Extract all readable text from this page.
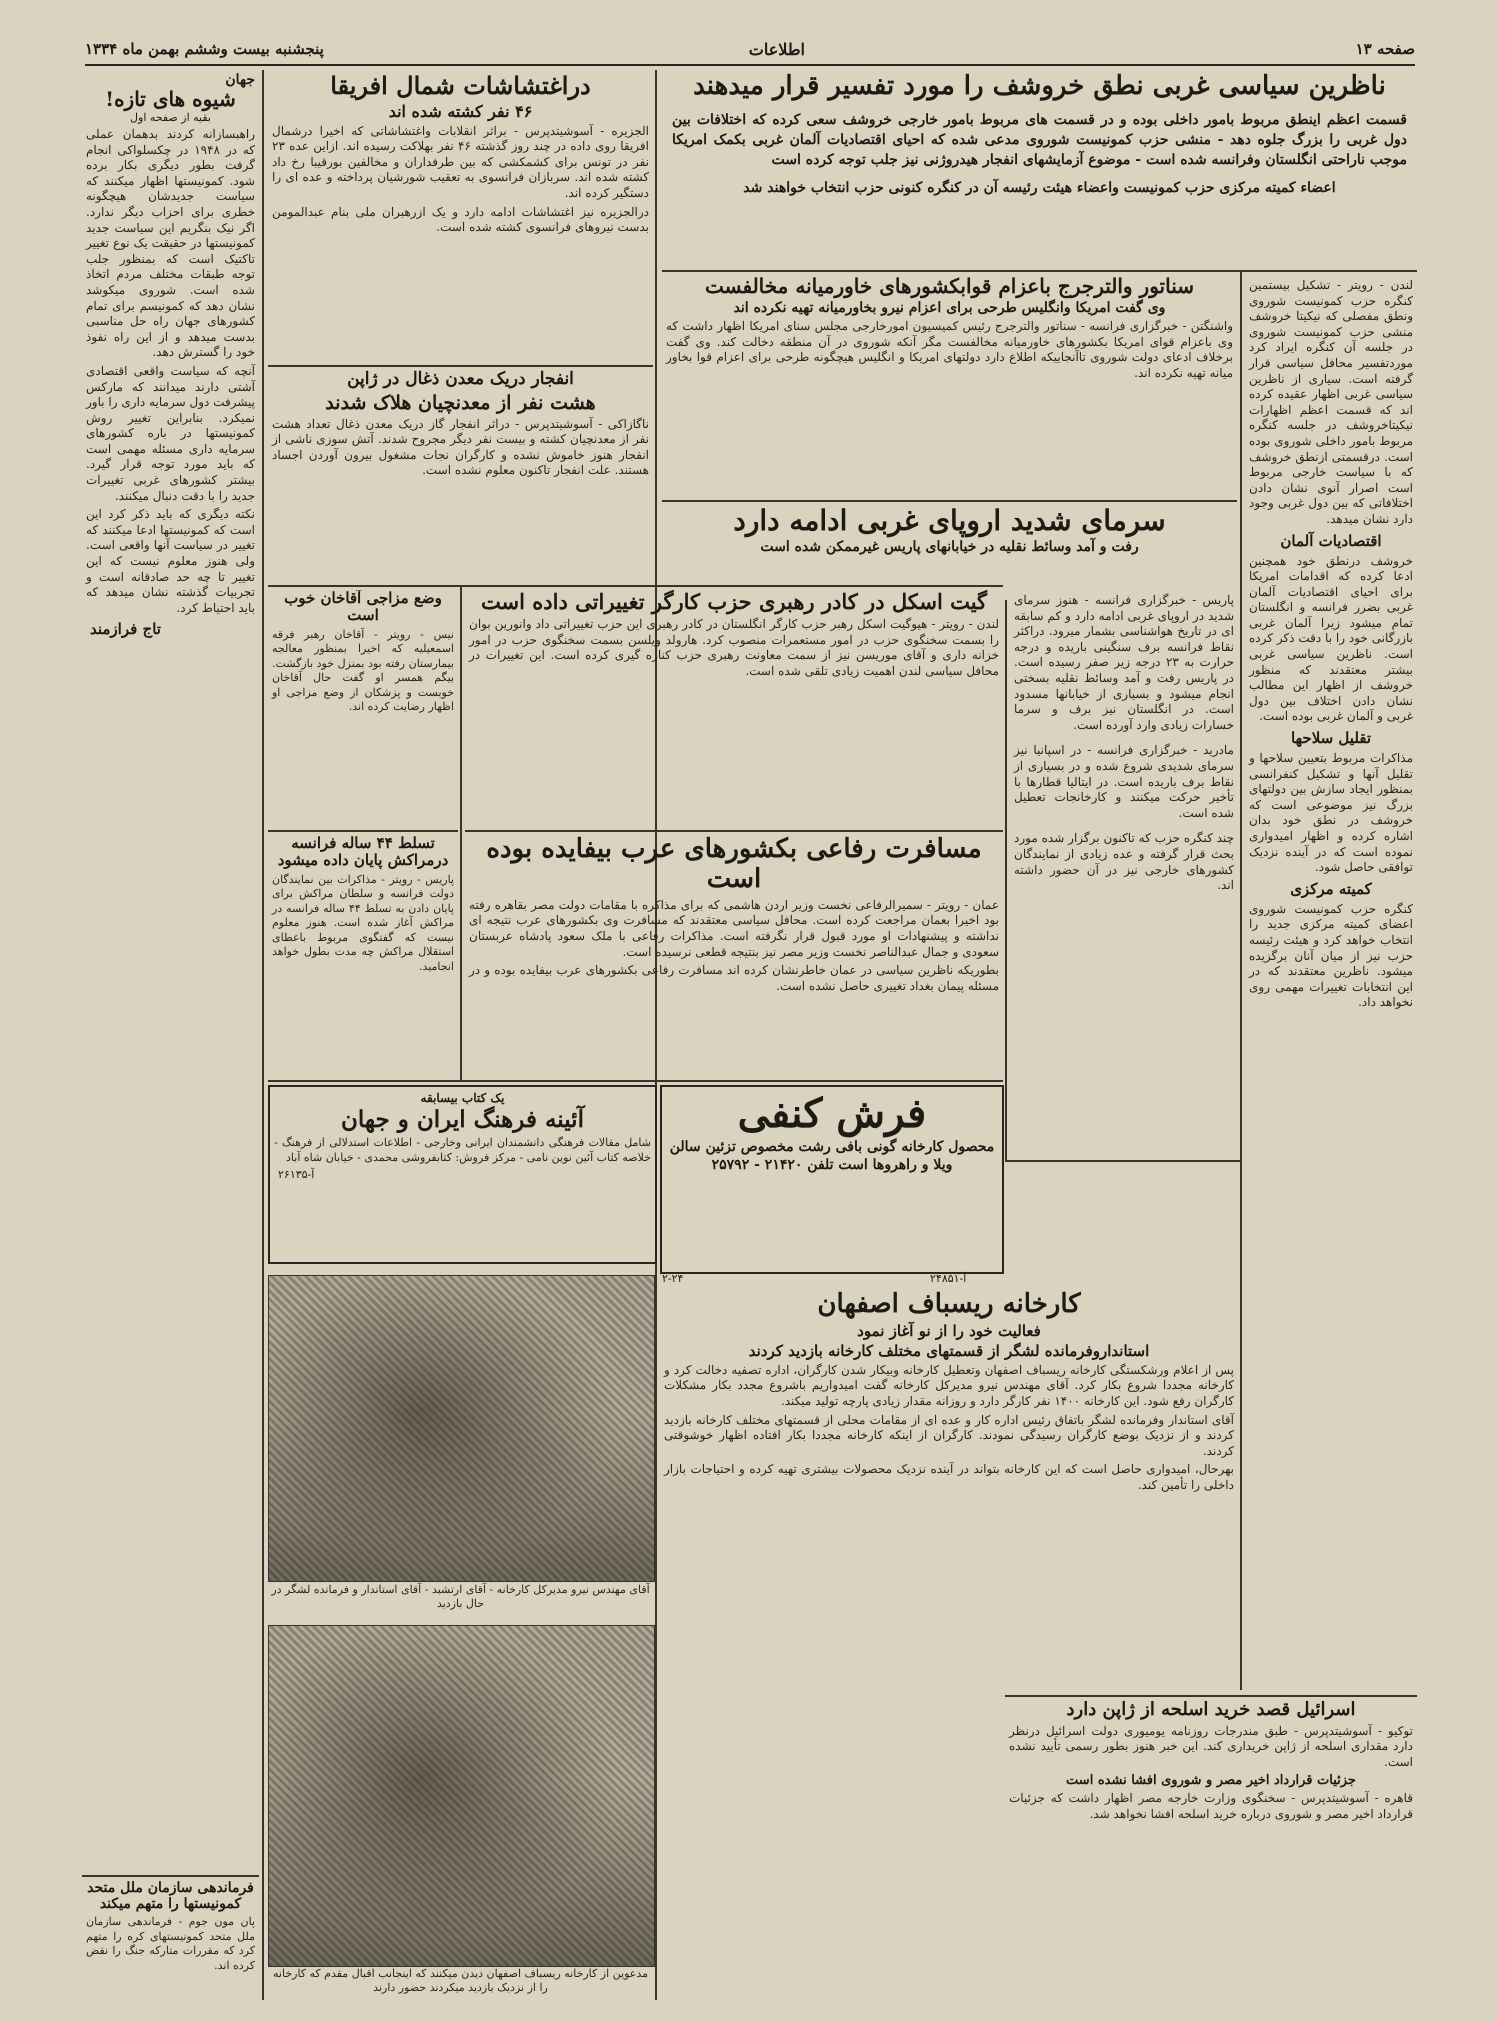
صفحه ۱۳
اطلاعات
پنجشنبه بیست وششم بهمن ماه ۱۳۳۴
ناظرین سیاسی غربی نطق خروشف را مورد تفسیر قرار میدهند
قسمت اعظم اینطق مربوط بامور داخلی بوده و در قسمت های مربوط بامور خارجی خروشف سعی کرده که اختلافات بین دول غربی را بزرگ جلوه دهد - منشی حزب کمونیست شوروی مدعی شده که احیای اقتصادیات آلمان غربی بکمک امریکا موجب ناراحتی انگلستان وفرانسه شده است - موضوع آزمایشهای انفجار هیدروژنی نیز جلب توجه کرده است
اعضاء کمیته مرکزی حزب کمونیست واعضاء هیئت رئیسه آن در کنگره کنونی حزب انتخاب خواهند شد
لندن - رویتر - تشکیل بیستمین کنگره حزب کمونیست شوروی ونطق مفصلی که نیکیتا خروشف منشی حزب کمونیست شوروی در جلسه آن کنگره ایراد کرد موردتفسیر محافل سیاسی قرار گرفته است. سیاری از ناظرین سیاسی غربی اظهار عقیده کرده اند که قسمت اعظم اظهارات نیکیتاخروشف در جلسه کنگره مربوط بامور داخلی شوروی بوده است. درقسمتی ازنطق خروشف که با سیاست خارجی مربوط است اصرار آنوی نشان دادن اختلافاتی که بین دول غربی وجود دارد نشان میدهد.
اقتصادیات آلمان
خروشف درنطق خود همچنین ادعا کرده که اقدامات امریکا برای احیای اقتصادیات آلمان غربی بضرر فرانسه و انگلستان تمام میشود زیرا آلمان غربی بازرگانی خود را با دقت ذکر کرده است. ناظرین سیاسی غربی بیشتر معتقدند که منظور خروشف از اظهار این مطالب نشان دادن اختلاف بین دول غربی و آلمان غربی بوده است.
تقلیل سلاحها
مذاکرات مربوط بتعیین سلاحها و تقلیل آنها و تشکیل کنفرانسی بمنظور ایجاد سازش بین دولتهای بزرگ نیز موضوعی است که خروشف در نطق خود بدان اشاره کرده و اظهار امیدواری نموده است که در آینده نزدیک توافقی حاصل شود.
کمیته مرکزی
کنگره حزب کمونیست شوروی اعضای کمیته مرکزی جدید را انتخاب خواهد کرد و هیئت رئیسه حزب نیز از میان آنان برگزیده میشود. ناظرین معتقدند که در این انتخابات تغییرات مهمی روی نخواهد داد.
سناتور والترجرج باعزام قوابکشورهای خاورمیانه مخالفست
وی گفت امریکا وانگلیس طرحی برای اعزام نیرو بخاورمیانه تهیه نکرده اند
واشنگتن - خبرگزاری فرانسه - سناتور والترجرج رئیس کمیسیون امورخارجی مجلس سنای امریکا اظهار داشت که وی باعزام قوای امریکا بکشورهای خاورمیانه مخالفست مگر آنکه شوروی در آن منطقه دخالت کند. وی گفت برخلاف ادعای دولت شوروی تاآنجاییکه اطلاع دارد دولتهای امریکا و انگلیس هیچگونه طرحی برای اعزام قوا بخاور میانه تهیه نکرده اند.
سرمای شدید اروپای غربی ادامه دارد
رفت و آمد وسائط نقلیه در خیابانهای پاریس غیرممکن شده است
پاریس - خبرگزاری فرانسه - هنوز سرمای شدید در اروپای غربی ادامه دارد و کم سابقه ای در تاریخ هواشناسی بشمار میرود. دراکثر نقاط فرانسه برف سنگینی باریده و درجه حرارت به ۲۳ درجه زیر صفر رسیده است. در پاریس رفت و آمد وسائط نقلیه بسختی انجام میشود و بسیاری از خیابانها مسدود است. در انگلستان نیز برف و سرما خسارات زیادی وارد آورده است.
مادرید - خبرگزاری فرانسه - در اسپانیا نیز سرمای شدیدی شروع شده و در بسیاری از نقاط برف باریده است. در ایتالیا قطارها با تأخیر حرکت میکنند و کارخانجات تعطیل شده است.
چند کنگره حزب که تاکنون برگزار شده مورد بحث قرار گرفته و عده زیادی از نمایندگان کشورهای خارجی نیز در آن حضور داشته اند.
گیت اسکل در کادر رهبری حزب کارگر تغییراتی داده است
لندن - رویتر - هیوگیت اسکل رهبر حزب کارگر انگلستان در کادر رهبری این حزب تغییراتی داد وانورین بوان را بسمت سخنگوی حزب در امور مستعمرات منصوب کرد. هارولد ویلسن بسمت سخنگوی حزب در امور خزانه داری و آقای موریسن نیز از سمت معاونت رهبری حزب کناره گیری کرده است. این تغییرات در محافل سیاسی لندن اهمیت زیادی تلقی شده است.
مسافرت رفاعی بکشورهای عرب بیفایده بوده است
عمان - رویتر - سمیرالرفاعی نخست وزیر اردن هاشمی که برای مذاکره با مقامات دولت مصر بقاهره رفته بود اخیرا بعمان مراجعت کرده است. محافل سیاسی معتقدند که مسافرت وی بکشورهای عرب نتیجه ای نداشته و پیشنهادات او مورد قبول قرار نگرفته است. مذاکرات رفاعی با ملک سعود پادشاه عربستان سعودی و جمال عبدالناصر نخست وزیر مصر نیز بنتیجه قطعی نرسیده است.
بطوریکه ناظرین سیاسی در عمان خاطرنشان کرده اند مسافرت رفاعی بکشورهای عرب بیفایده بوده و در مسئله پیمان بغداد تغییری حاصل نشده است.
دراغتشاشات شمال افریقا
۴۶ نفر کشته شده اند
الجزیره - آسوشیتدپرس - براثر انقلابات واغتشاشاتی که اخیرا درشمال افریقا روی داده در چند روز گذشته ۴۶ نفر بهلاکت رسیده اند. ازاین عده ۲۳ نفر در تونس برای کشمکشی که بین طرفداران و مخالفین بورقیبا رخ داد کشته شده اند. سربازان فرانسوی به تعقیب شورشیان پرداخته و عده ای را دستگیر کرده اند.
درالجزیره نیز اغتشاشات ادامه دارد و یک ازرهبران ملی بنام عبدالمومن بدست نیروهای فرانسوی کشته شده است.
انفجار دریک معدن ذغال در ژاپن
هشت نفر از معدنچیان هلاک شدند
ناگازاکی - آسوشیتدپرس - دراثر انفجار گاز دریک معدن ذغال تعداد هشت نفر از معدنچیان کشته و بیست نفر دیگر مجروح شدند. آتش سوزی ناشی از انفجار هنوز خاموش نشده و کارگران نجات مشغول بیرون آوردن اجساد هستند. علت انفجار تاکنون معلوم نشده است.
وضع مزاجی آقاخان خوب است
نیس - رویتر - آقاخان رهبر فرقه اسمعیلیه که اخیرا بمنظور معالجه بیمارستان رفته بود بمنزل خود بازگشت. بیگم همسر او گفت حال آقاخان خوبست و پزشکان از وضع مزاجی او اظهار رضایت کرده اند.
تسلط ۴۴ ساله فرانسه درمراکش پایان داده میشود
پاریس - رویتر - مذاکرات بین نمایندگان دولت فرانسه و سلطان مراکش برای پایان دادن به تسلط ۴۴ ساله فرانسه در مراکش آغاز شده است. هنوز معلوم نیست که گفتگوی مربوط باعطای استقلال مراکش چه مدت بطول خواهد انجامید.
یک کتاب بیسابقه
آئینه فرهنگ ایران و جهان
شامل مقالات فرهنگی دانشمندان ایرانی وخارجی - اطلاعات استدلالی از فرهنگ - خلاصه کتاب آئین نوین نامی - مرکز فروش: کتابفروشی محمدی - خیابان شاه آباد
آ-۲۶۱۳۵
فرش کنفی
محصول کارخانه گونی بافی رشت مخصوص تزئین سالن
ویلا و راهروها است تلفن ۲۱۴۲۰ - ۲۵۷۹۲
۲-۲۴	آ-۲۴۸۵۱
آقای مهندس نیرو مدیرکل کارخانه - آقای ارتشبد - آقای استاندار و فرمانده لشگر در حال بازدید
مدعوین از کارخانه ریسباف اصفهان دیدن میکنند که اینجانب اقبال مقدم که کارخانه را از نزدیک بازدید میکردند حضور دارند
کارخانه ریسباف اصفهان
فعالیت خود را از نو آغاز نمود
استانداروفرمانده لشگر از قسمتهای مختلف کارخانه بازدید کردند
پس از اعلام ورشکستگی کارخانه ریسباف اصفهان وتعطیل کارخانه وبیکار شدن کارگران، اداره تصفیه دخالت کرد و کارخانه مجددا شروع بکار کرد. آقای مهندس نیرو مدیرکل کارخانه گفت امیدواریم باشروع مجدد بکار مشکلات کارگران رفع شود. این کارخانه ۱۴۰۰ نفر کارگر دارد و روزانه مقدار زیادی پارچه تولید میکند.
آقای استاندار وفرمانده لشگر باتفاق رئیس اداره کار و عده ای از مقامات محلی از قسمتهای مختلف کارخانه بازدید کردند و از نزدیک بوضع کارگران رسیدگی نمودند. کارگران از اینکه کارخانه مجددا بکار افتاده اظهار خوشوقتی کردند.
بهرحال، امیدواری حاصل است که این کارخانه بتواند در آینده نزدیک محصولات بیشتری تهیه کرده و احتیاجات بازار داخلی را تأمین کند.
اسرائیل قصد خرید اسلحه از ژاپن دارد
توکیو - آسوشیتدپرس - طبق مندرجات روزنامه یومیوری دولت اسرائیل درنظر دارد مقداری اسلحه از ژاپن خریداری کند. این خبر هنوز بطور رسمی تأیید نشده است.
جزئیات قرارداد اخیر مصر و شوروی افشا نشده است
قاهره - آسوشیتدپرس - سخنگوی وزارت خارجه مصر اظهار داشت که جزئیات قرارداد اخیر مصر و شوروی درباره خرید اسلحه افشا نخواهد شد.
جهان
شیوه های تازه!
بقیه از صفحه اول
راهبسازانه کردند بدهمان عملی که در ۱۹۴۸ در چکسلواکی انجام گرفت بطور دیگری بکار برده شود. کمونیستها اظهار میکنند که سیاست جدیدشان هیچگونه خطری برای احزاب دیگر ندارد. اگر نیک بنگریم این سیاست جدید کمونیستها در حقیقت یک نوع تغییر تاکتیک است که بمنظور جلب توجه طبقات مختلف مردم اتخاذ شده است. شوروی میکوشد نشان دهد که کمونیسم برای تمام کشورهای جهان راه حل مناسبی بدست میدهد و از این راه نفوذ خود را گسترش دهد.
آنچه که سیاست واقعی اقتصادی آشتی دارند میدانند که مارکس پیشرفت دول سرمایه داری را باور نمیکرد. بنابراین تغییر روش کمونیستها در باره کشورهای سرمایه داری مسئله مهمی است که باید مورد توجه قرار گیرد. بیشتر کشورهای غربی تغییرات جدید را با دقت دنبال میکنند.
نکته دیگری که باید ذکر کرد این است که کمونیستها ادعا میکنند که تغییر در سیاست آنها واقعی است. ولی هنوز معلوم نیست که این تغییر تا چه حد صادقانه است و تجربیات گذشته نشان میدهد که باید احتیاط کرد.
تاج فرازمند
فرماندهی سازمان ملل متحد کمونیستها را متهم میکند
پان مون جوم - فرماندهی سازمان ملل متحد کمونیستهای کره را متهم کرد که مقررات متارکه جنگ را نقض کرده اند.
